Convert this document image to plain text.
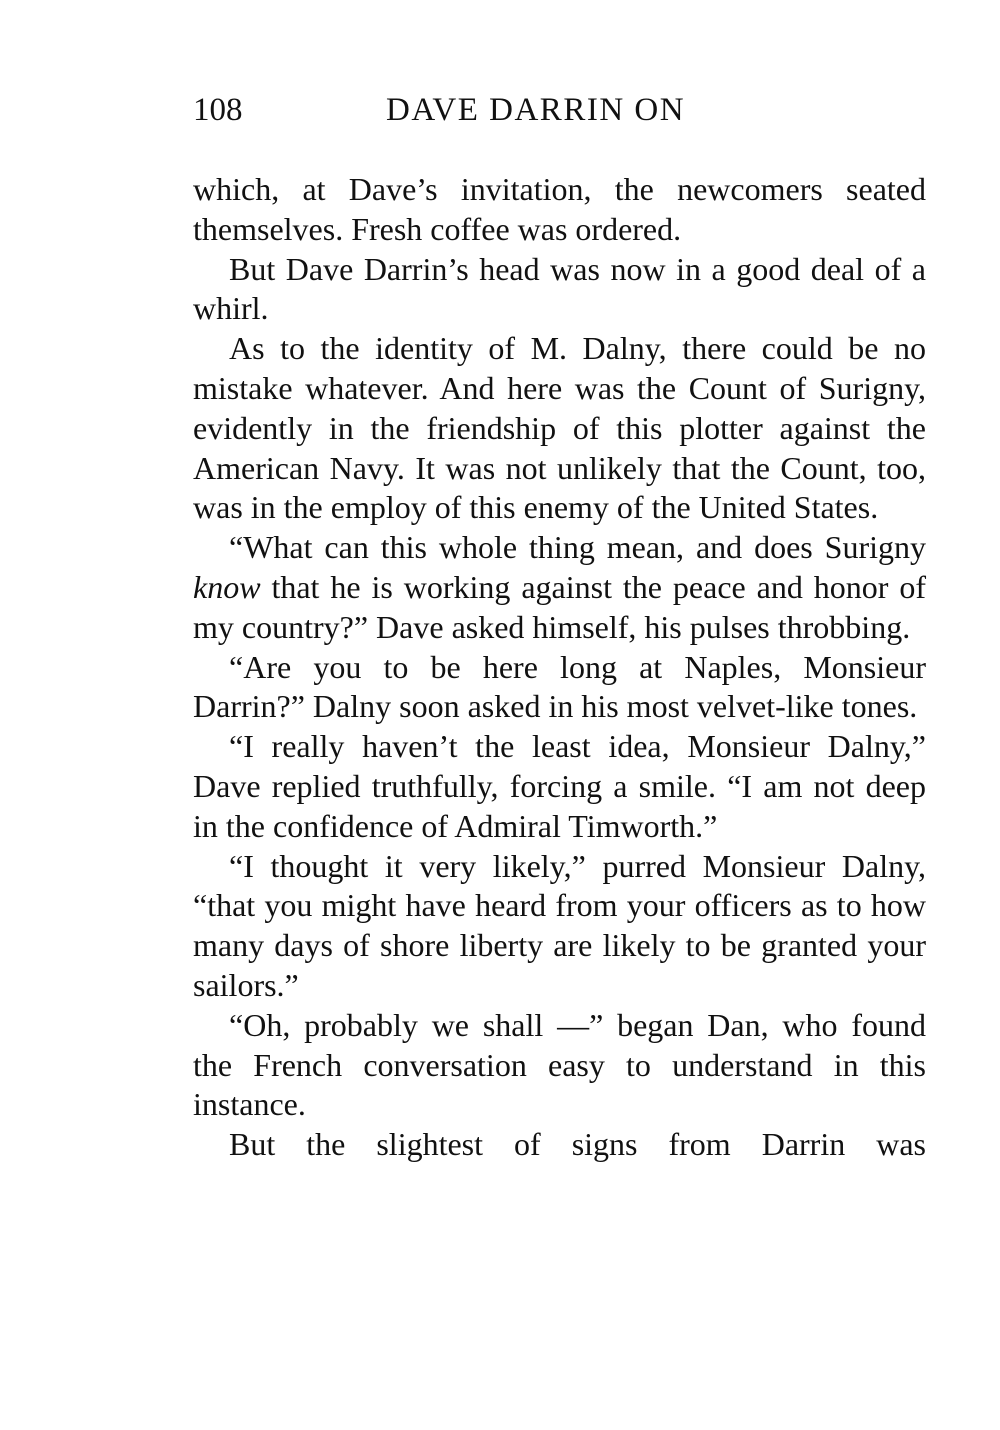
108	DAVE DARRIN ON

which, at Dave’s invitation, the newcomers seated themselves. Fresh coffee was ordered.

But Dave Darrin’s head was now in a good deal of a whirl.

As to the identity of M. Dalny, there could be no mistake whatever. And here was the Count of Surigny, evidently in the friendship of this plotter against the American Navy. It was not unlikely that the Count, too, was in the employ of this enemy of the United States.

“What can this whole thing mean, and does Surigny know that he is working against the peace and honor of my country?” Dave asked himself, his pulses throbbing.

“Are you to be here long at Naples, Monsieur Darrin?” Dalny soon asked in his most velvet-like tones.

“I really haven’t the least idea, Monsieur Dalny,” Dave replied truthfully, forcing a smile. “I am not deep in the confidence of Admiral Timworth.”

“I thought it very likely,” purred Monsieur Dalny, “that you might have heard from your officers as to how many days of shore liberty are likely to be granted your sailors.”

“Oh, probably we shall —” began Dan, who found the French conversation easy to understand in this instance.

But the slightest of signs from Darrin was
